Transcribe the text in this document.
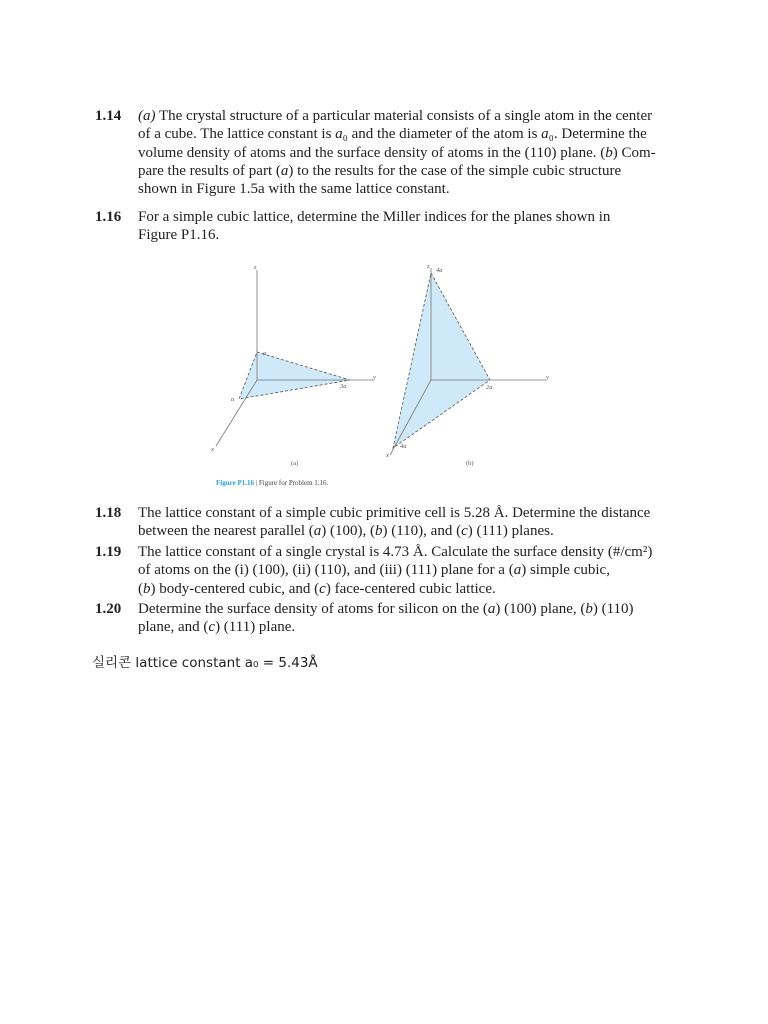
1.14 (a) The crystal structure of a particular material consists of a single atom in the center

of a cube. The lattice constant is a₀ and the diameter of the atom is a₀. Determine the

volume density of atoms and the surface density of atoms in the (110) plane. (b) Com-

pare the results of part (a) to the results for the case of the simple cubic structure

shown in Figure 1.5a with the same lattice constant.

1.16 For a simple cubic lattice, determine the Miller indices for the planes shown in

Figure P1.16.

z
y
x
a
3a
a
(a)
z
y
x
4a
2a
4a
(b)
Figure P1.16 | Figure for Problem 1.16.
1.18 The lattice constant of a simple cubic primitive cell is 5.28 Å. Determine the distance

between the nearest parallel (a) (100), (b) (110), and (c) (111) planes.

1.19 The lattice constant of a single crystal is 4.73 Å. Calculate the surface density (#/cm²)

of atoms on the (i) (100), (ii) (110), and (iii) (111) plane for a (a) simple cubic,

(b) body-centered cubic, and (c) face-centered cubic lattice.

1.20 Determine the surface density of atoms for silicon on the (a) (100) plane, (b) (110)

plane, and (c) (111) plane.

실리콘 lattice constant a₀ = 5.43Å
